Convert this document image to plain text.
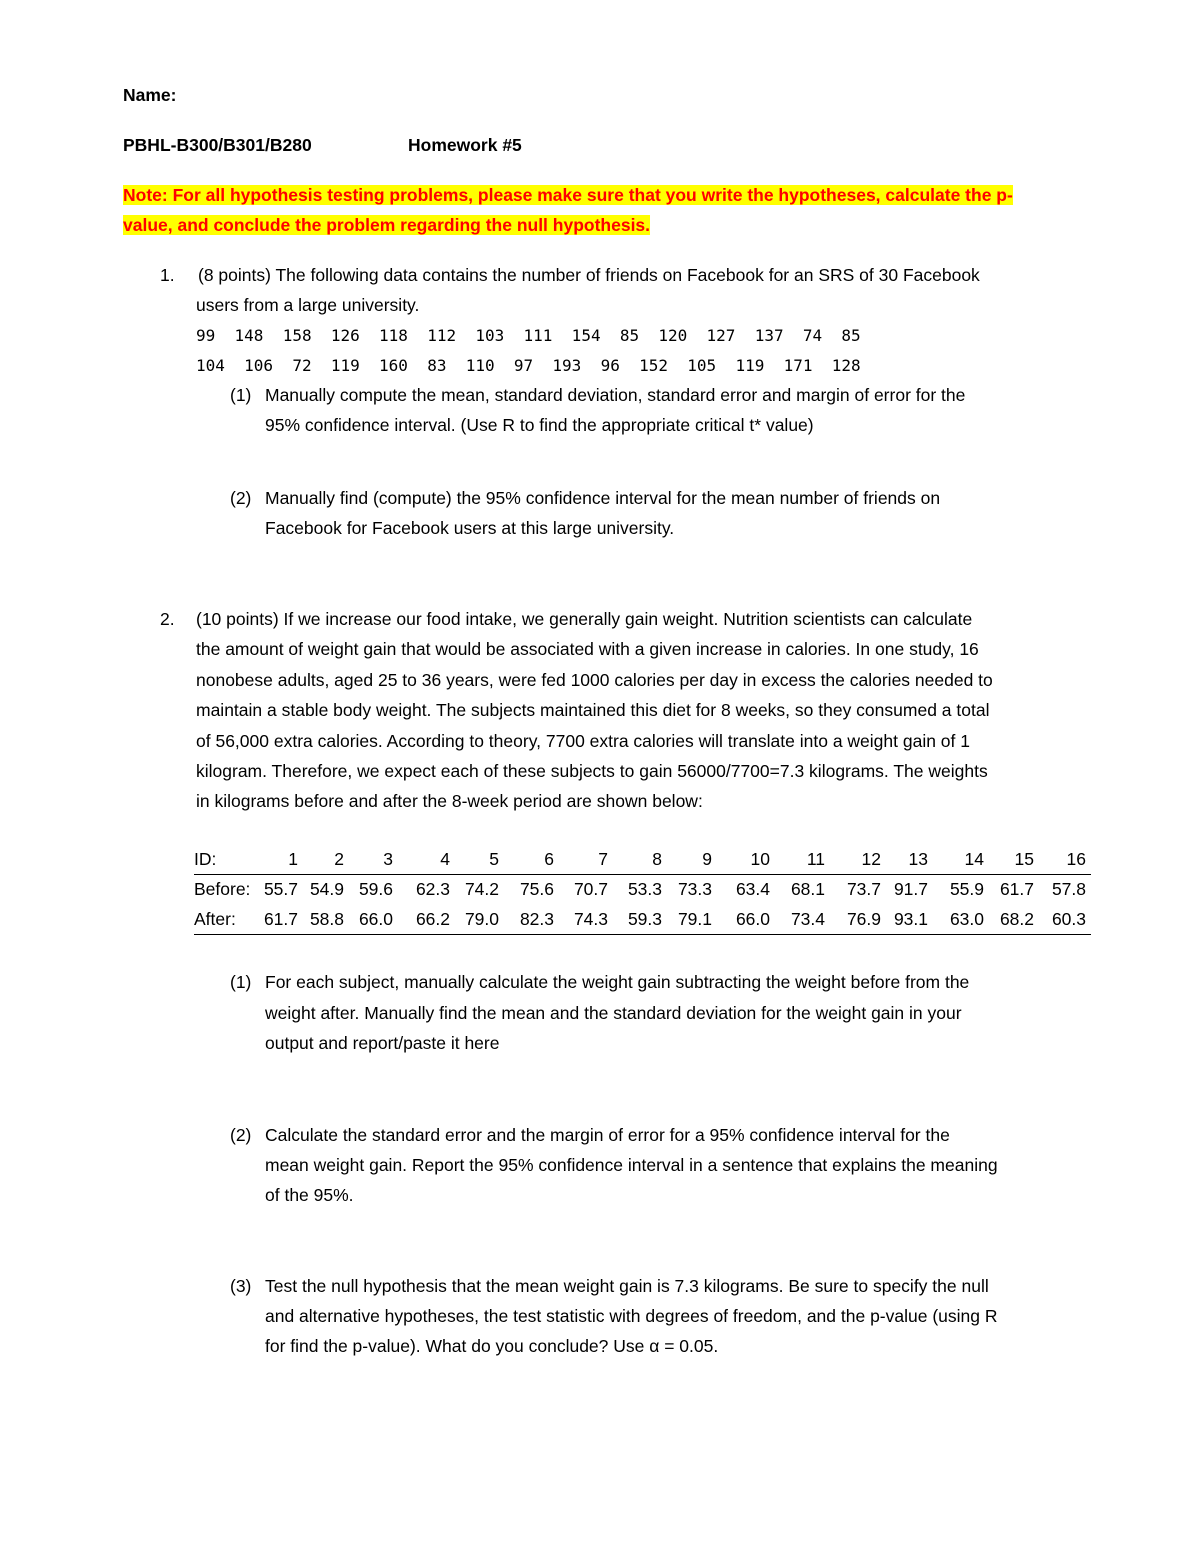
Name:
PBHL-B300/B301/B280	Homework #5
Note: For all hypothesis testing problems, please make sure that you write the hypotheses, calculate the p-
value, and conclude the problem regarding the null hypothesis.
1. (8 points) The following data contains the number of friends on Facebook for an SRS of 30 Facebook
users from a large university.
99  148  158  126  118  112  103  111  154  85  120  127  137  74  85
104  106  72  119  160  83  110  97  193  96  152  105  119  171  128
(1) Manually compute the mean, standard deviation, standard error and margin of error for the
95% confidence interval. (Use R to find the appropriate critical t* value)
(2) Manually find (compute) the 95% confidence interval for the mean number of friends on
Facebook for Facebook users at this large university.
2. (10 points) If we increase our food intake, we generally gain weight. Nutrition scientists can calculate
the amount of weight gain that would be associated with a given increase in calories. In one study, 16
nonobese adults, aged 25 to 36 years, were fed 1000 calories per day in excess the calories needed to
maintain a stable body weight. The subjects maintained this diet for 8 weeks, so they consumed a total
of 56,000 extra calories. According to theory, 7700 extra calories will translate into a weight gain of 1
kilogram. Therefore, we expect each of these subjects to gain 56000/7700=7.3 kilograms. The weights
in kilograms before and after the 8-week period are shown below:
ID:	1	2	3	4	5	6	7	8	9	10	11	12	13	14	15	16
Before: 55.7 54.9 59.6	62.3 74.2	75.6	70.7	53.3 73.3	63.4	68.1	73.7 91.7	55.9 61.7	57.8
After:	61.7 58.8 66.0	66.2 79.0	82.3	74.3	59.3 79.1	66.0	73.4	76.9 93.1	63.0 68.2	60.3
(1) For each subject, manually calculate the weight gain subtracting the weight before from the
weight after. Manually find the mean and the standard deviation for the weight gain in your
output and report/paste it here
(2) Calculate the standard error and the margin of error for a 95% confidence interval for the
mean weight gain. Report the 95% confidence interval in a sentence that explains the meaning
of the 95%.
(3) Test the null hypothesis that the mean weight gain is 7.3 kilograms. Be sure to specify the null
and alternative hypotheses, the test statistic with degrees of freedom, and the p-value (using R
for find the p-value). What do you conclude? Use α = 0.05.
